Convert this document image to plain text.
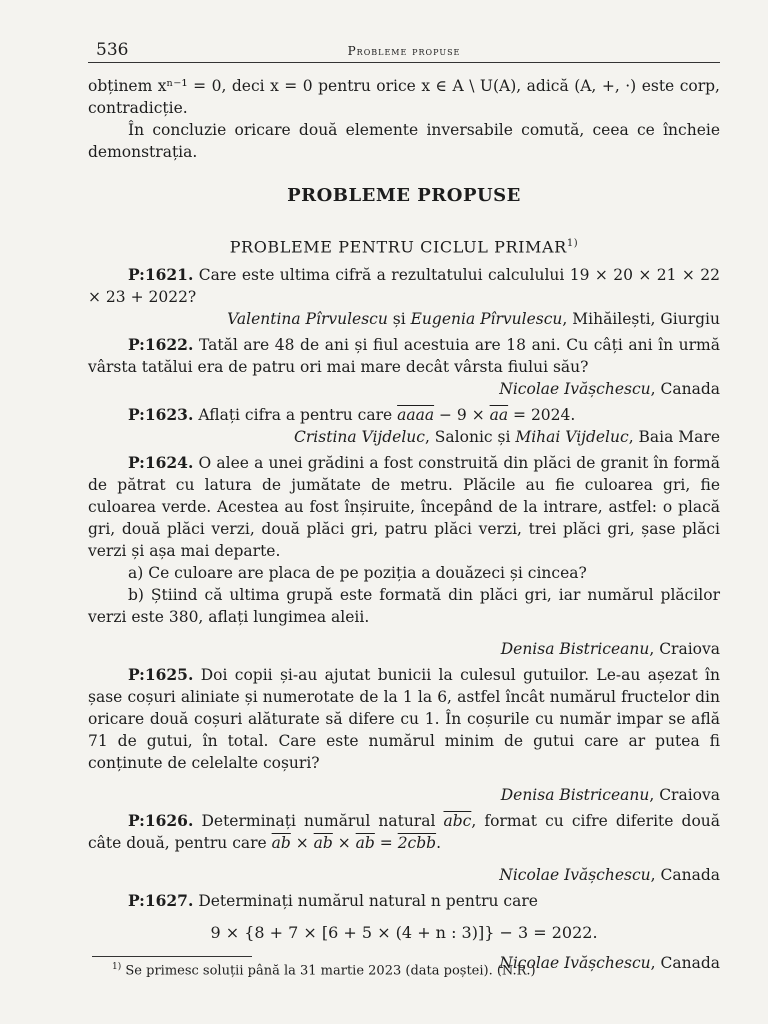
536	Probleme propuse

obținem xⁿ⁻¹ = 0, deci x = 0 pentru orice x ∈ A \ U(A), adică (A, +, ·) este corp, contradicție.

În concluzie oricare două elemente inversabile comută, ceea ce încheie demonstrația.

PROBLEME PROPUSE
PROBLEME PENTRU CICLUL PRIMAR$^{1)}$

P:1621. Care este ultima cifră a rezultatului calculului 19 × 20 × 21 × 22 × 23 + 2022?

Valentina Pîrvulescu și Eugenia Pîrvulescu, Mihăilești, Giurgiu

P:1622. Tatăl are 48 de ani și fiul acestuia are 18 ani. Cu câți ani în urmă vârsta tatălui era de patru ori mai mare decât vârsta fiului său?

Nicolae Ivășchescu, Canada

P:1623. Aflați cifra a pentru care aaaa − $9 \times \overline{aa} = 2024$.

Cristina Vijdeluc, Salonic și Mihai Vijdeluc, Baia Mare

P:1624. O alee a unei grădini a fost construită din plăci de granit în formă de pătrat cu latura de jumătate de metru. Plăcile au fie culoarea gri, fie culoarea verde. Acestea au fost înșiruite, începând de la intrare, astfel: o placă gri, două plăci verzi, două plăci gri, patru plăci verzi, trei plăci gri, șase plăci verzi și așa mai departe.

a) Ce culoare are placa de pe poziția a douăzeci și cincea?

b) Știind că ultima grupă este formată din plăci gri, iar numărul plăcilor verzi este 380, aflați lungimea aleii.

Denisa Bistriceanu, Craiova

P:1625. Doi copii și-au ajutat bunicii la culesul gutuilor. Le-au așezat în șase coșuri aliniate și numerotate de la 1 la 6, astfel încât numărul fructelor din oricare două coșuri alăturate să difere cu 1. În coșurile cu număr impar se află 71 de gutui, în total. Care este numărul minim de gutui care ar putea fi conținute de celelalte coșuri?

Denisa Bistriceanu, Craiova

P:1626. Determinați numărul natural $\overline{abc}$, format cu cifre diferite două câte două, pentru care $\overline{ab} \times \overline{ab} \times \overline{ab} = 2cbb$.

Nicolae Ivășchescu, Canada

P:1627. Determinați numărul natural n pentru care

9 × {8 + 7 × [6 + 5 × (4 + n : 3)]} − 3 = 2022.

Nicolae Ivășchescu, Canada

$^{1)}$ Se primesc soluții până la 31 martie 2023 (data poștei). (N.R.)
